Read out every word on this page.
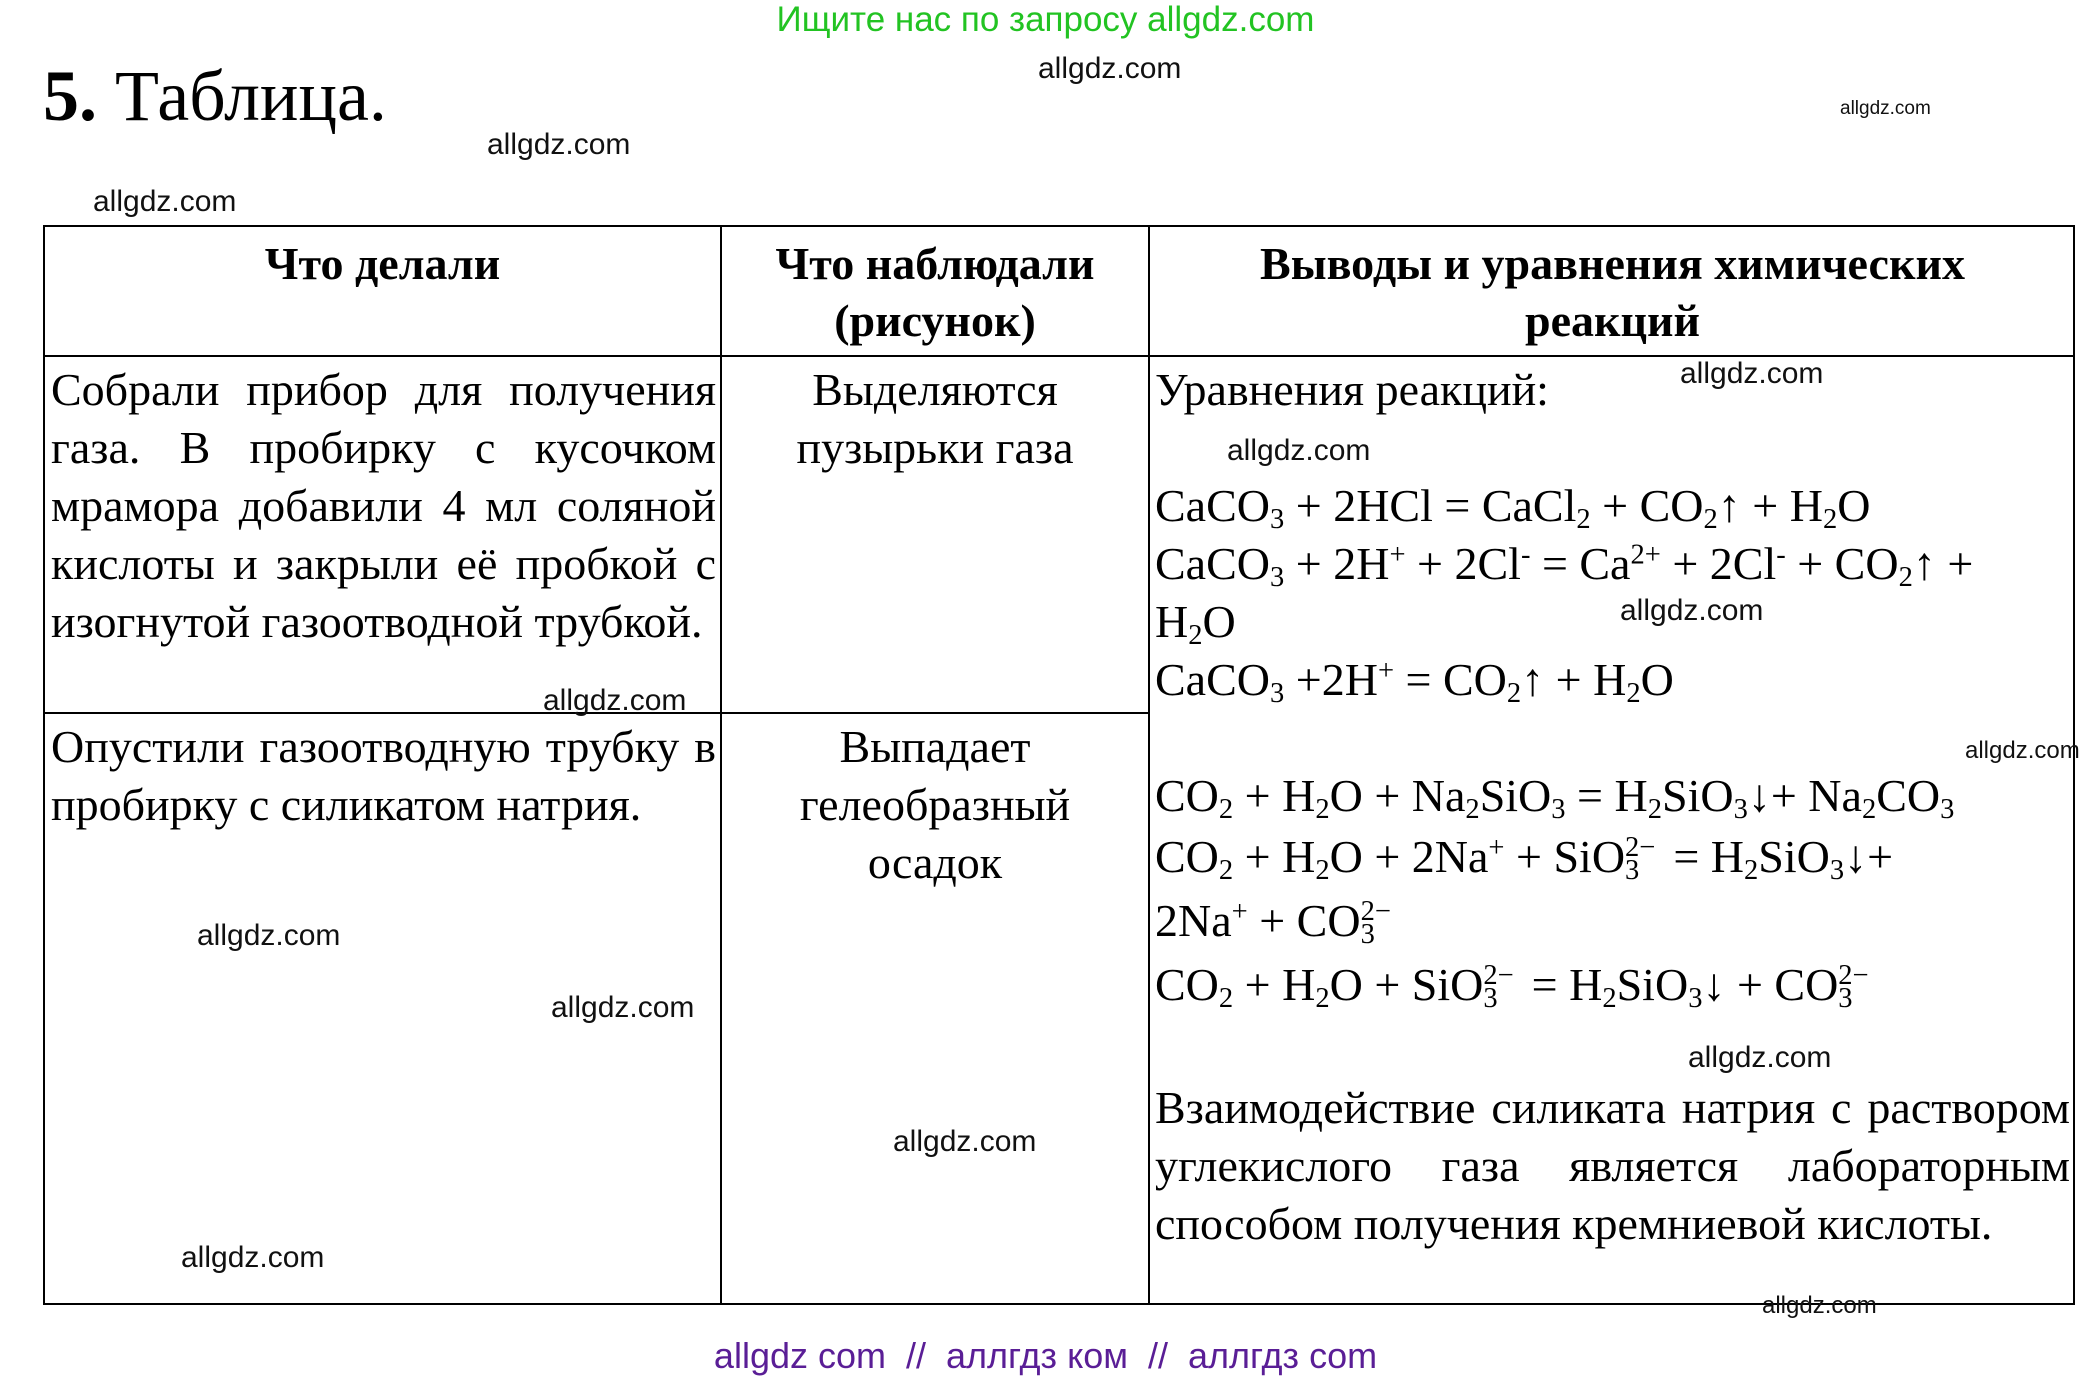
Ищите нас по запросу allgdz.com
5. Таблица.
Что делали	Что наблюдали (рисунок)
Выводы и уравнения химических реакций
Собрали прибор для получения газа. В пробирку с кусочком мрамора добавили 4 мл соляной кислоты и закрыли её пробкой с изогнутой газоотводной трубкой.
Выделяются пузырьки газа
Опустили газоотводную трубку в пробирку с силикатом натрия.
Выпадает гелеобразный осадок
Уравнения реакций:
CaCO$_3$ + 2HCl = CaCl$_2$ + $CO_2↑ + H_2O$
CaCO$_3$ + $2H^+ + 2Cl^- = Ca^{2+} + 2Cl^-$ + $CO_2↑$ +
$H_2O$
CaCO$_3$ $+2H^+ = CO_2↑ + H_2O$
$CO_2 + H_2O + Na_2SiO_3$ = $H_2SiO_3↓+ Na_2CO_3$
$CO_2 + H_2O + 2Na^+$ + SiO 2−
$3 = H_2SiO_3↓+$
2Na+ + CO 2−
3
$CO_2 + H_2O$ + SiO 2−
$3 = H_2SiO_3↓$ + CO 2−
3
Взаимодействие силиката натрия с раствором углекислого газа является лабораторным способом получения кремниевой кислоты.
allgdz.com
allgdz.com
allgdz.com
allgdz.com
allgdz.com
allgdz.com
allgdz.com
allgdz.com
allgdz.com
allgdz.com
allgdz.com
allgdz.com
allgdz.com
allgdz.com
allgdz.com
allgdz com  //  аллгдз ком  //  аллгдз com
